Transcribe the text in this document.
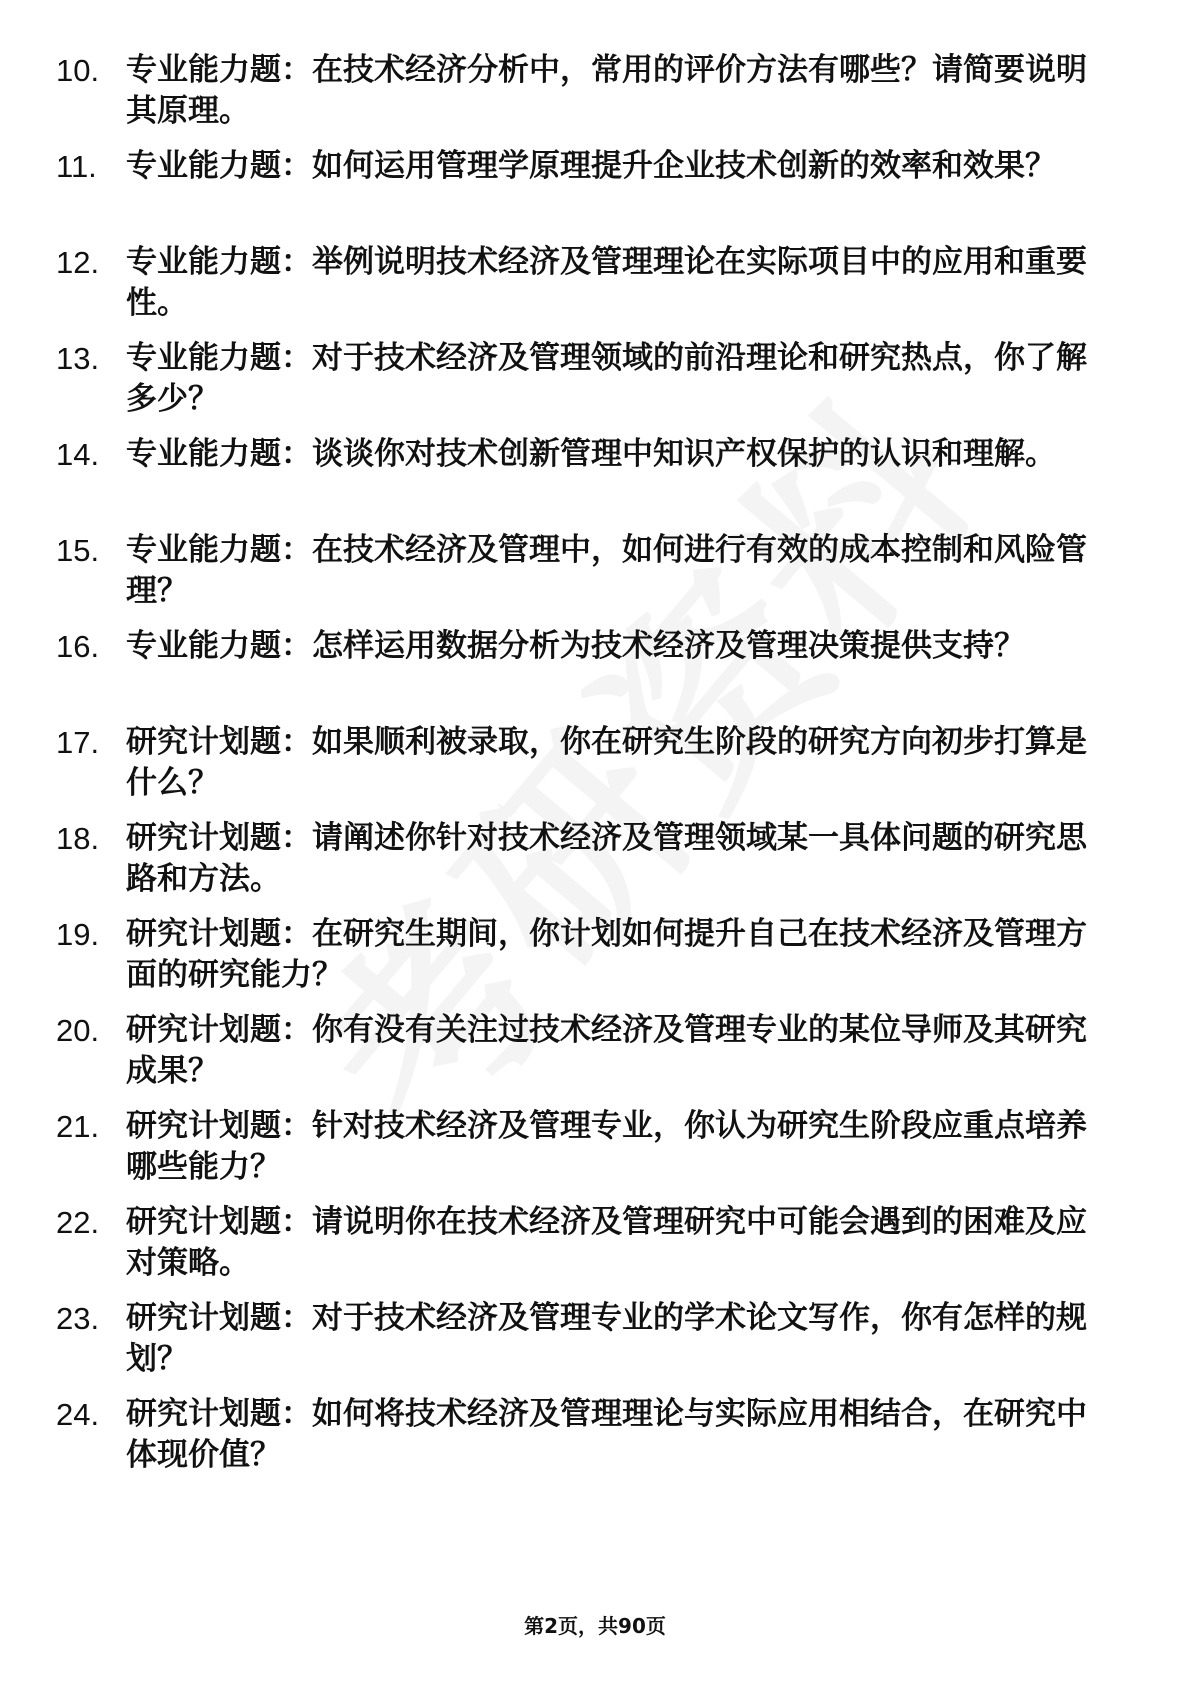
10. 专业能力题：在技术经济分析中，常用的评价方法有哪些？请简要说明其原理。
11. 专业能力题：如何运用管理学原理提升企业技术创新的效率和效果？
12. 专业能力题：举例说明技术经济及管理理论在实际项目中的应用和重要性。
13. 专业能力题：对于技术经济及管理领域的前沿理论和研究热点，你了解多少？
14. 专业能力题：谈谈你对技术创新管理中知识产权保护的认识和理解。
15. 专业能力题：在技术经济及管理中，如何进行有效的成本控制和风险管理？
16. 专业能力题：怎样运用数据分析为技术经济及管理决策提供支持？
17. 研究计划题：如果顺利被录取，你在研究生阶段的研究方向初步打算是什么？
18. 研究计划题：请阐述你针对技术经济及管理领域某一具体问题的研究思路和方法。
19. 研究计划题：在研究生期间，你计划如何提升自己在技术经济及管理方面的研究能力？
20. 研究计划题：你有没有关注过技术经济及管理专业的某位导师及其研究成果？
21. 研究计划题：针对技术经济及管理专业，你认为研究生阶段应重点培养哪些能力？
22. 研究计划题：请说明你在技术经济及管理研究中可能会遇到的困难及应对策略。
23. 研究计划题：对于技术经济及管理专业的学术论文写作，你有怎样的规划？
24. 研究计划题：如何将技术经济及管理理论与实际应用相结合，在研究中体现价值？
第2页，共90页
